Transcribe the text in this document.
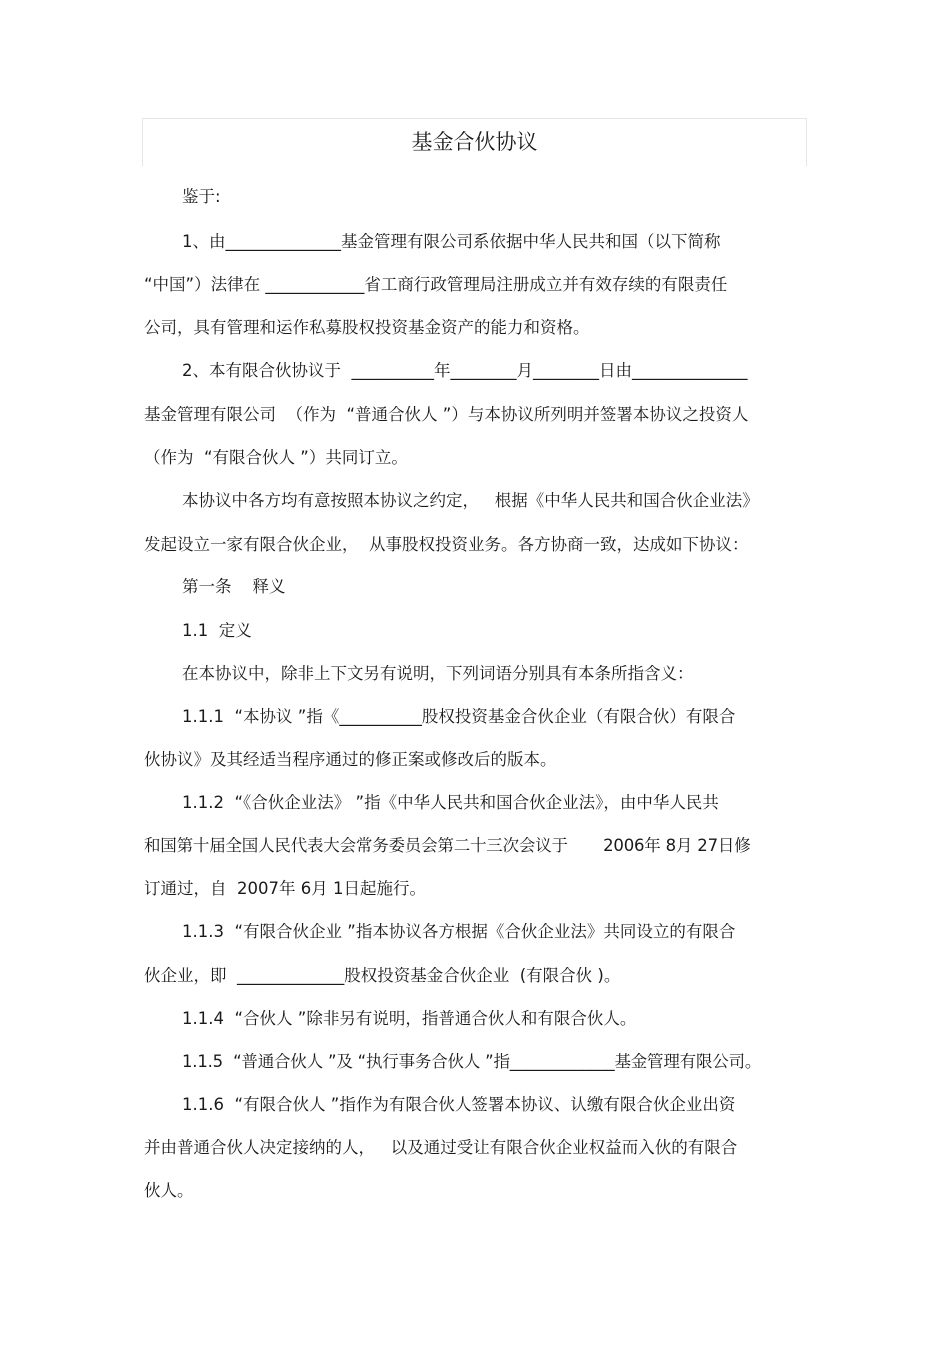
基金合伙协议
鉴于:
1、由______________基金管理有限公司系依据中华人民共和国（以下简称
“中国”）法律在 ____________省工商行政管理局注册成立并有效存续的有限责任
公司，具有管理和运作私募股权投资基金资产的能力和资格。
2、本有限合伙协议于  __________年________月________日由______________
基金管理有限公司  （作为  “普通合伙人 ”）与本协议所列明并签署本协议之投资人
（作为  “有限合伙人 ”）共同订立。
本协议中各方均有意按照本协议之约定，   根据《中华人民共和国合伙企业法》
发起设立一家有限合伙企业，  从事股权投资业务。各方协商一致，达成如下协议：
第一条    释义
1.1  定义
在本协议中，除非上下文另有说明，下列词语分别具有本条所指含义：
1.1.1  “本协议 ”指《__________股权投资基金合伙企业（有限合伙）有限合
伙协议》及其经适当程序通过的修正案或修改后的版本。
1.1.2  “《合伙企业法》 ”指《中华人民共和国合伙企业法》，由中华人民共
和国第十届全国人民代表大会常务委员会第二十三次会议于       2006年 8月 27日修
订通过，自  2007年 6月 1日起施行。
1.1.3  “有限合伙企业 ”指本协议各方根据《合伙企业法》共同设立的有限合
伙企业，即  _____________股权投资基金合伙企业  (有限合伙 )。
1.1.4  “合伙人 ”除非另有说明，指普通合伙人和有限合伙人。
1.1.5  “普通合伙人 ”及 “执行事务合伙人 ”指_____________基金管理有限公司。
1.1.6  “有限合伙人 ”指作为有限合伙人签署本协议、认缴有限合伙企业出资
并由普通合伙人决定接纳的人，   以及通过受让有限合伙企业权益而入伙的有限合
伙人。
